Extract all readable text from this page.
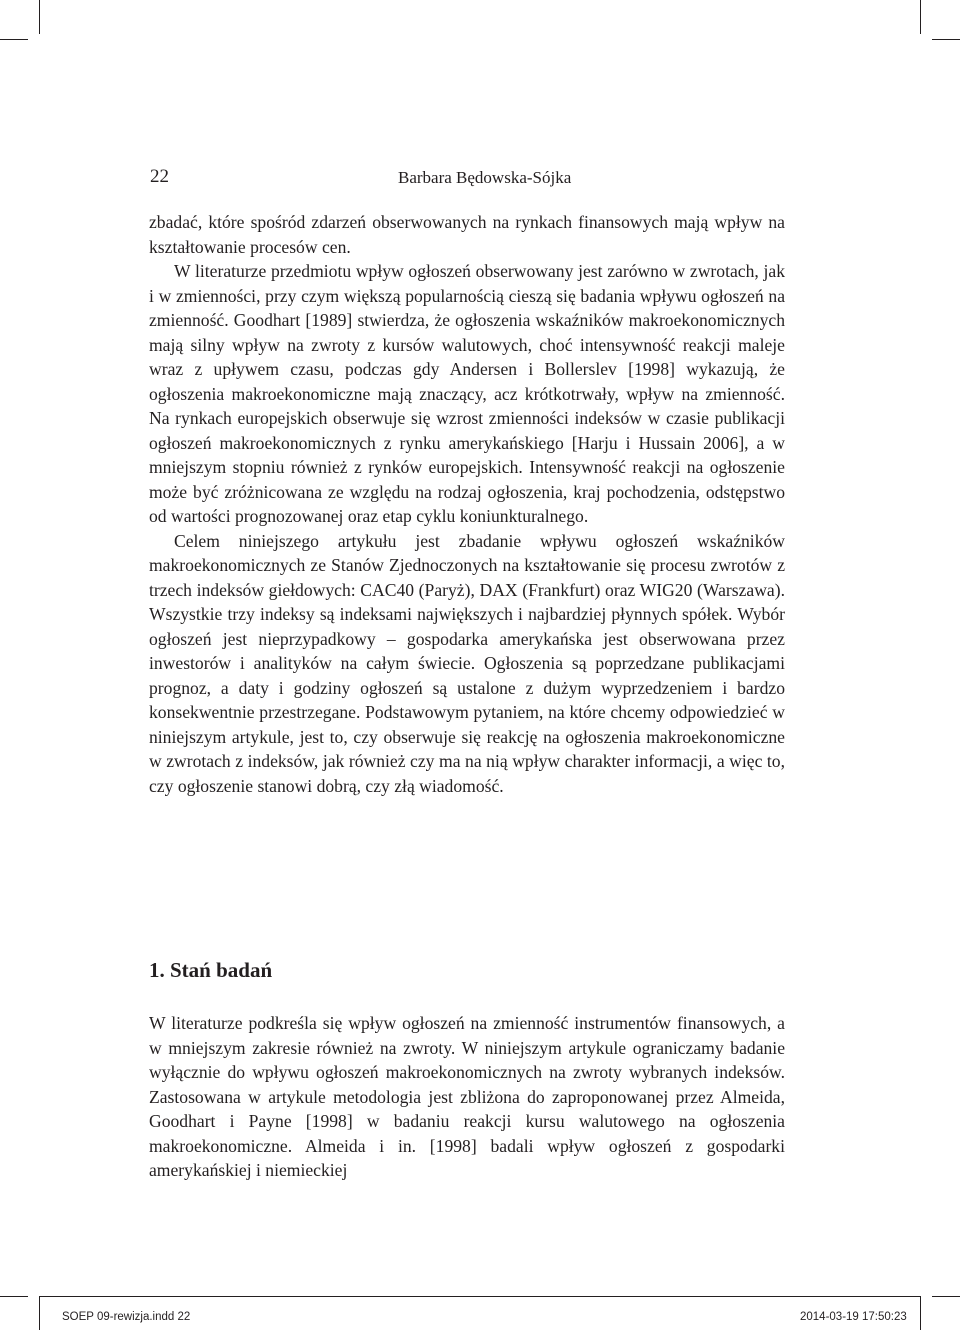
22	Barbara Będowska-Sójka

zbadać, które spośród zdarzeń obserwowanych na rynkach finansowych mają wpływ na kształtowanie procesów cen.

W literaturze przedmiotu wpływ ogłoszeń obserwowany jest zarówno w zwrotach, jak i w zmienności, przy czym większą popularnością cieszą się badania wpływu ogłoszeń na zmienność. Goodhart [1989] stwierdza, że ogłoszenia wskaźników makroekonomicznych mają silny wpływ na zwroty z kursów walutowych, choć intensywność reakcji maleje wraz z upływem czasu, podczas gdy Andersen i Bollerslev [1998] wykazują, że ogłoszenia makroekonomiczne mają znaczący, acz krótkotrwały, wpływ na zmienność. Na rynkach europejskich obserwuje się wzrost zmienności indeksów w czasie publikacji ogłoszeń makroekonomicznych z rynku amerykańskiego [Harju i Hussain 2006], a w mniejszym stopniu również z rynków europejskich. Intensywność reakcji na ogłoszenie może być zróżnicowana ze względu na rodzaj ogłoszenia, kraj pochodzenia, odstępstwo od wartości prognozowanej oraz etap cyklu koniunkturalnego.

Celem niniejszego artykułu jest zbadanie wpływu ogłoszeń wskaźników makroekonomicznych ze Stanów Zjednoczonych na kształtowanie się procesu zwrotów z trzech indeksów giełdowych: CAC40 (Paryż), DAX (Frankfurt) oraz WIG20 (Warszawa). Wszystkie trzy indeksy są indeksami największych i najbardziej płynnych spółek. Wybór ogłoszeń jest nieprzypadkowy – gospodarka amerykańska jest obserwowana przez inwestorów i analityków na całym świecie. Ogłoszenia są poprzedzane publikacjami prognoz, a daty i godziny ogłoszeń są ustalone z dużym wyprzedzeniem i bardzo konsekwentnie przestrzegane. Podstawowym pytaniem, na które chcemy odpowiedzieć w niniejszym artykule, jest to, czy obserwuje się reakcję na ogłoszenia makroekonomiczne w zwrotach z indeksów, jak również czy ma na nią wpływ charakter informacji, a więc to, czy ogłoszenie stanowi dobrą, czy złą wiadomość.

1. Stań badań

W literaturze podkreśla się wpływ ogłoszeń na zmienność instrumentów finansowych, a w mniejszym zakresie również na zwroty. W niniejszym artykule ograniczamy badanie wyłącznie do wpływu ogłoszeń makroekonomicznych na zwroty wybranych indeksów. Zastosowana w artykule metodologia jest zbliżona do zaproponowanej przez Almeida, Goodhart i Payne [1998] w badaniu reakcji kursu walutowego na ogłoszenia makroekonomiczne. Almeida i in. [1998] badali wpływ ogłoszeń z gospodarki amerykańskiej i niemieckiej

SOEP 09-rewizja.indd 22	2014-03-19 17:50:23
